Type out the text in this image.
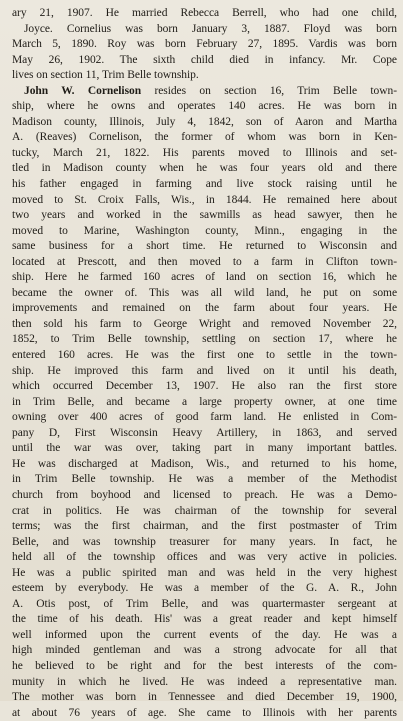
ary 21, 1907. He married Rebecca Berrell, who had one child,
Joyce. Cornelius was born January 3, 1887. Floyd was born
March 5, 1890. Roy was born February 27, 1895. Vardis was born
May 26, 1902. The sixth child died in infancy. Mr. Cope
lives on section 11, Trim Belle township.
John W. Cornelison resides on section 16, Trim Belle town-
ship, where he owns and operates 140 acres. He was born in
Madison county, Illinois, July 4, 1842, son of Aaron and Martha
A. (Reaves) Cornelison, the former of whom was born in Ken-
tucky, March 21, 1822. His parents moved to Illinois and set-
tled in Madison county when he was four years old and there
his father engaged in farming and live stock raising until he
moved to St. Croix Falls, Wis., in 1844. He remained here about
two years and worked in the sawmills as head sawyer, then he
moved to Marine, Washington county, Minn., engaging in the
same business for a short time. He returned to Wisconsin and
located at Prescott, and then moved to a farm in Clifton town-
ship. Here he farmed 160 acres of land on section 16, which he
became the owner of. This was all wild land, he put on some
improvements and remained on the farm about four years. He
then sold his farm to George Wright and removed November 22,
1852, to Trim Belle township, settling on section 17, where he
entered 160 acres. He was the first one to settle in the town-
ship. He improved this farm and lived on it until his death,
which occurred December 13, 1907. He also ran the first store
in Trim Belle, and became a large property owner, at one time
owning over 400 acres of good farm land. He enlisted in Com-
pany D, First Wisconsin Heavy Artillery, in 1863, and served
until the war was over, taking part in many important battles.
He was discharged at Madison, Wis., and returned to his home,
in Trim Belle township. He was a member of the Methodist
church from boyhood and licensed to preach. He was a Demo-
crat in politics. He was chairman of the township for several
terms; was the first chairman, and the first postmaster of Trim
Belle, and was township treasurer for many years. In fact, he
held all of the township offices and was very active in policies.
He was a public spirited man and was held in the very highest
esteem by everybody. He was a member of the G. A. R., John
A. Otis post, of Trim Belle, and was quartermaster sergeant at
the time of his death. His' was a great reader and kept himself
well informed upon the current events of the day. He was a
high minded gentleman and was a strong advocate for all that
he believed to be right and for the best interests of the com-
munity in which he lived. He was indeed a representative man.
The mother was born in Tennessee and died December 19, 1900,
at about 76 years of age. She came to Illinois with her parents
